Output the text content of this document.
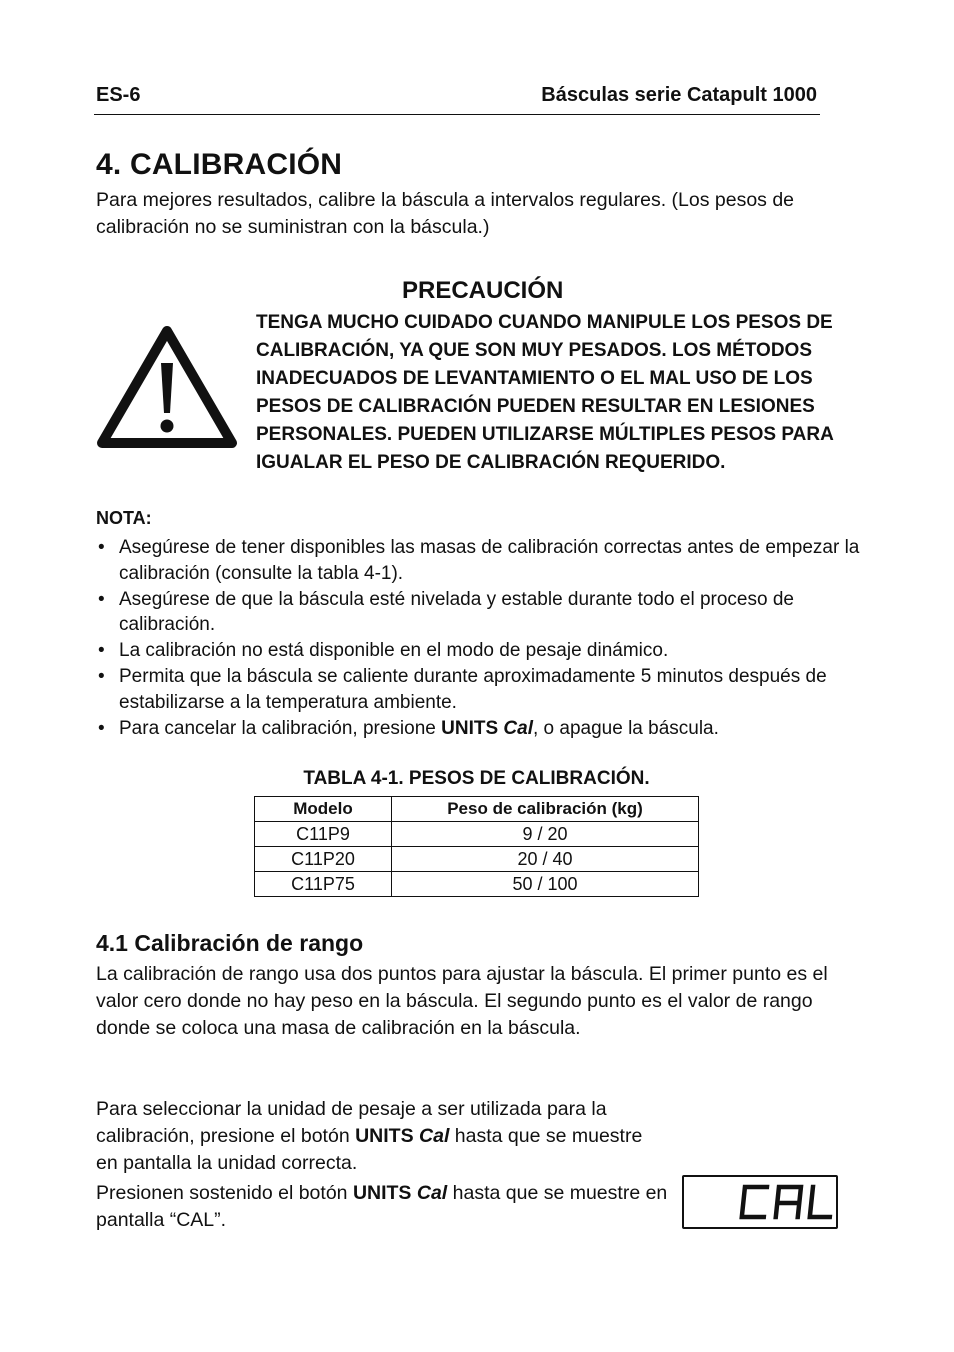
ES-6	Básculas serie Catapult 1000
4. CALIBRACIÓN
Para mejores resultados, calibre la báscula a intervalos regulares. (Los pesos de calibración no se suministran con la báscula.)
PRECAUCIÓN
TENGA MUCHO CUIDADO CUANDO MANIPULE LOS PESOS DE CALIBRACIÓN, YA QUE SON MUY PESADOS. LOS MÉTODOS INADECUADOS DE LEVANTAMIENTO O EL MAL USO DE LOS PESOS DE CALIBRACIÓN PUEDEN RESULTAR EN LESIONES PERSONALES. PUEDEN UTILIZARSE MÚLTIPLES PESOS PARA IGUALAR EL PESO DE CALIBRACIÓN REQUERIDO.
NOTA:
• Asegúrese de tener disponibles las masas de calibración correctas antes de empezar la calibración (consulte la tabla 4-1).
• Asegúrese de que la báscula esté nivelada y estable durante todo el proceso de calibración.
• La calibración no está disponible en el modo de pesaje dinámico.
• Permita que la báscula se caliente durante aproximadamente 5 minutos después de estabilizarse a la temperatura ambiente.
• Para cancelar la calibración, presione UNITS Cal, o apague la báscula.
TABLA 4-1. PESOS DE CALIBRACIÓN.
Modelo	Peso de calibración (kg)
C11P9	9 / 20
C11P20	20 / 40
C11P75	50 / 100
4.1 Calibración de rango
La calibración de rango usa dos puntos para ajustar la báscula. El primer punto es el valor cero donde no hay peso en la báscula. El segundo punto es el valor de rango donde se coloca una masa de calibración en la báscula.
Para seleccionar la unidad de pesaje a ser utilizada para la calibración, presione el botón UNITS Cal hasta que se muestre en pantalla la unidad correcta.
Presionen sostenido el botón UNITS Cal hasta que se muestre en pantalla “CAL”.
